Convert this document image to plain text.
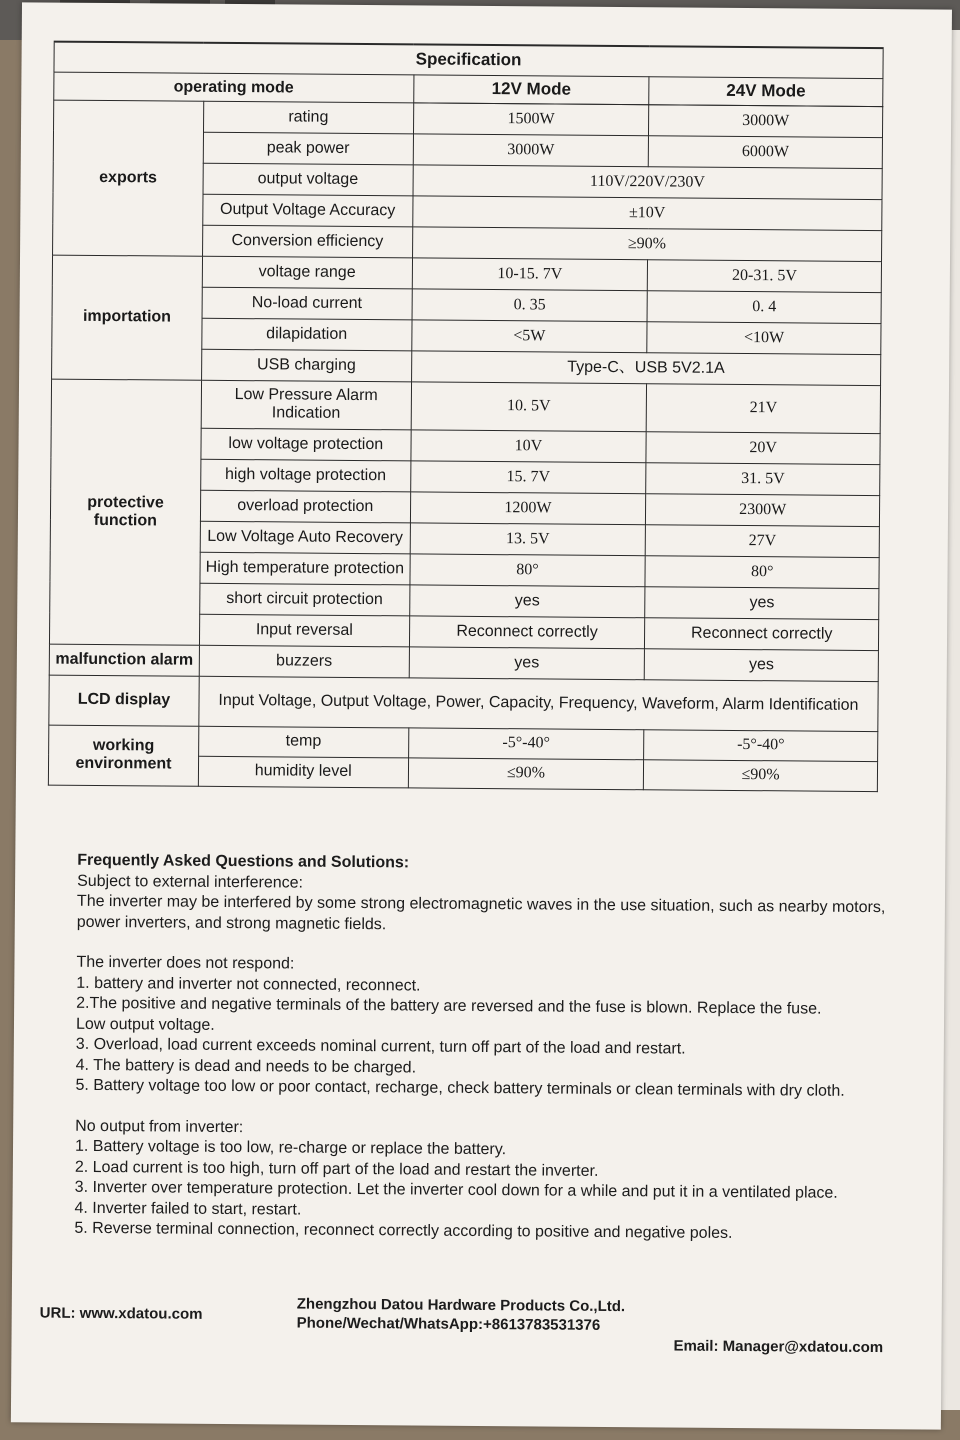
Specification			
operating mode		12V Mode	24V Mode

exports	rating	1500W	3000W
	peak power	3000W	6000W
	output voltage	110V/220V/230V	
	Output Voltage Accuracy	±10V	
	Conversion efficiency	≥90%	
importation	voltage range	10-15. 7V	20-31. 5V
	No-load current	0. 35	0. 4
	dilapidation	<5W	<10W
	USB charging	Type-C、USB 5V2.1A	
protective function	Low Pressure Alarm Indication	10. 5V	21V
	low voltage protection	10V	20V
	high voltage protection	15. 7V	31. 5V
	overload protection	1200W	2300W
	Low Voltage Auto Recovery	13. 5V	27V
	High temperature protection	80°	80°
	short circuit protection	yes	yes
	Input reversal	Reconnect correctly	Reconnect correctly
malfunction alarm	buzzers	yes	yes
LCD display	Input Voltage, Output Voltage, Power, Capacity, Frequency, Waveform, Alarm Identification		
working environment	temp	-5°-40°	-5°-40°
	humidity level	≤90%	≤90%

Frequently Asked Questions and Solutions:

Subject to external interference:

The inverter may be interfered by some strong electromagnetic waves in the use situation, such as nearby motors, power inverters, and strong magnetic fields.

The inverter does not respond:

1. battery and inverter not connected, reconnect.

2.The positive and negative terminals of the battery are reversed and the fuse is blown. Replace the fuse.

Low output voltage.

3. Overload, load current exceeds nominal current, turn off part of the load and restart.

4. The battery is dead and needs to be charged.

5. Battery voltage too low or poor contact, recharge, check battery terminals or clean terminals with dry cloth.

No output from inverter:

1. Battery voltage is too low, re-charge or replace the battery.

2. Load current is too high, turn off part of the load and restart the inverter.

3. Inverter over temperature protection. Let the inverter cool down for a while and put it in a ventilated place.

4. Inverter failed to start, restart.

5. Reverse terminal connection, reconnect correctly according to positive and negative poles.

URL: www.xdatou.com	Zhengzhou Datou Hardware Products Co.,Ltd.
Phone/Wechat/WhatsApp:+8613783531376
Email: Manager@xdatou.com
